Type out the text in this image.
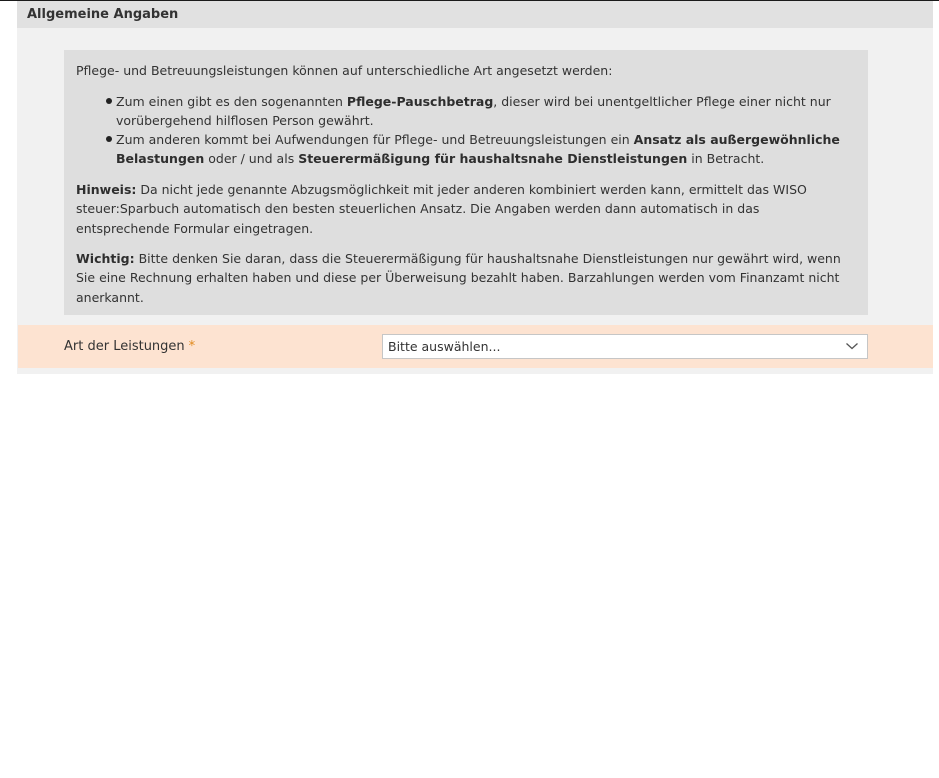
Allgemeine Angaben
Pflege- und Betreuungsleistungen können auf unterschiedliche Art angesetzt werden:
Zum einen gibt es den sogenannten Pflege-Pauschbetrag, dieser wird bei unentgeltlicher Pflege einer nicht nur vorübergehend hilflosen Person gewährt.
Zum anderen kommt bei Aufwendungen für Pflege- und Betreuungsleistungen ein Ansatz als außergewöhnliche Belastungen oder / und als Steuerermäßigung für haushaltsnahe Dienstleistungen in Betracht.
Hinweis: Da nicht jede genannte Abzugsmöglichkeit mit jeder anderen kombiniert werden kann, ermittelt das WISO steuer:Sparbuch automatisch den besten steuerlichen Ansatz. Die Angaben werden dann automatisch in das entsprechende Formular eingetragen.
Wichtig: Bitte denken Sie daran, dass die Steuerermäßigung für haushaltsnahe Dienstleistungen nur gewährt wird, wenn Sie eine Rechnung erhalten haben und diese per Überweisung bezahlt haben. Barzahlungen werden vom Finanzamt nicht anerkannt.
Art der Leistungen *	Bitte auswählen...
